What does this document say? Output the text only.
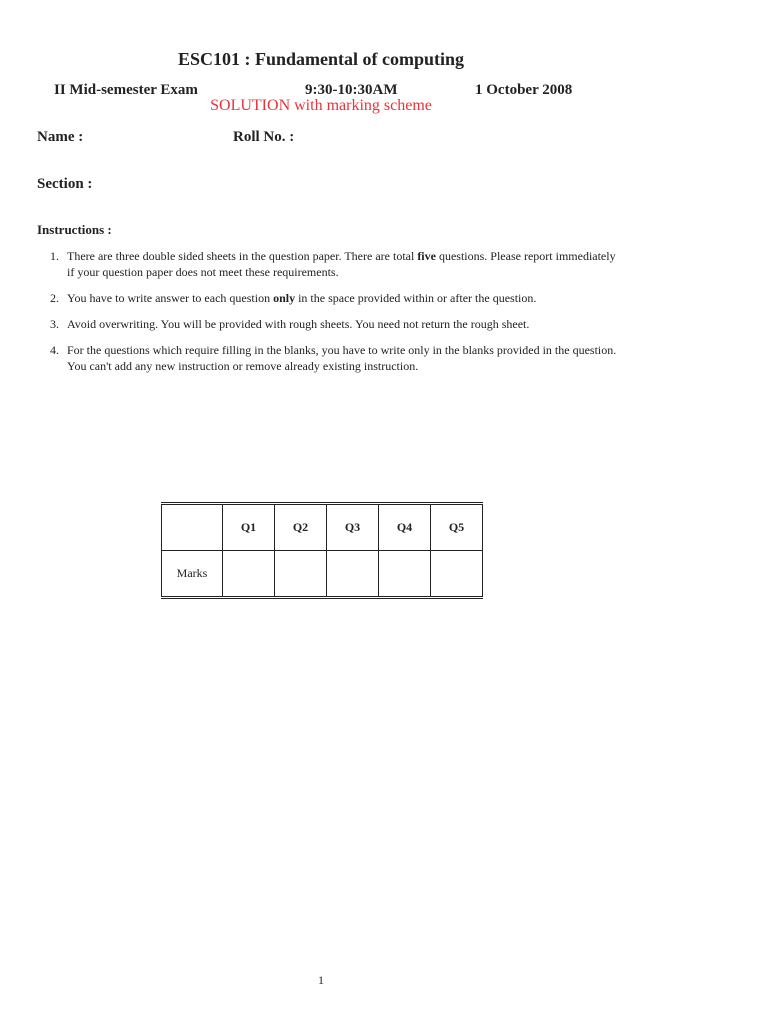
ESC101 : Fundamental of computing
II Mid-semester Exam	9:30-10:30AM	1 October 2008
SOLUTION with marking scheme
Name :	Roll No. :
Section :
Instructions :
1. There are three double sided sheets in the question paper. There are total five questions. Please report immediately if your question paper does not meet these requirements.
2. You have to write answer to each question only in the space provided within or after the question.
3. Avoid overwriting. You will be provided with rough sheets. You need not return the rough sheet.
4. For the questions which require filling in the blanks, you have to write only in the blanks provided in the question. You can't add any new instruction or remove already existing instruction.
	Q1	Q2	Q3	Q4	Q5
Marks					
1
